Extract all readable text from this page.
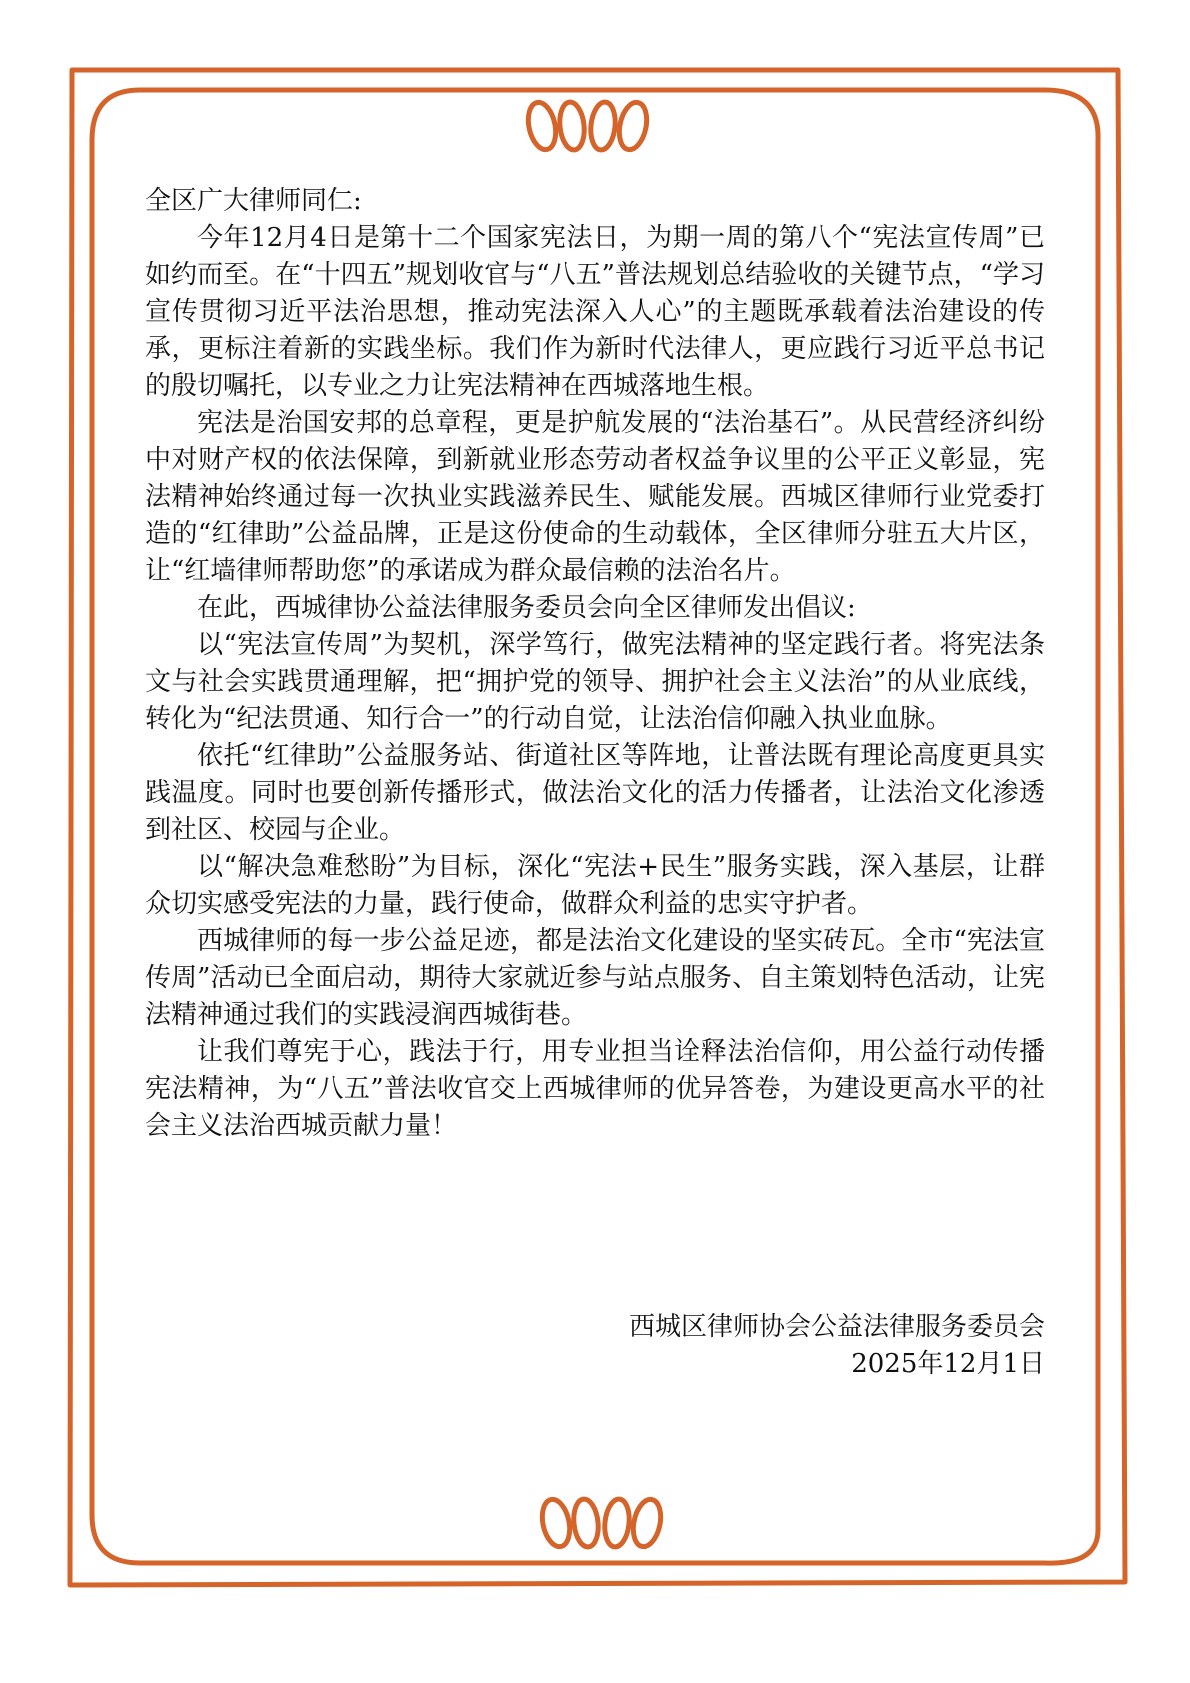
全区广大律师同仁:

今年12月4日是第十二个国家宪法日，为期一周的第八个“宪法宣传周”已如约而至。在“十四五”规划收官与“八五”普法规划总结验收的关键节点，“学习宣传贯彻习近平法治思想，推动宪法深入人心”的主题既承载着法治建设的传承，更标注着新的实践坐标。我们作为新时代法律人，更应践行习近平总书记的殷切嘱托，以专业之力让宪法精神在西城落地生根。

宪法是治国安邦的总章程，更是护航发展的“法治基石”。从民营经济纠纷中对财产权的依法保障，到新就业形态劳动者权益争议里的公平正义彰显，宪法精神始终通过每一次执业实践滋养民生、赋能发展。西城区律师行业党委打造的“红律助”公益品牌，正是这份使命的生动载体，全区律师分驻五大片区，让“红墙律师帮助您”的承诺成为群众最信赖的法治名片。

在此，西城律协公益法律服务委员会向全区律师发出倡议:

以“宪法宣传周”为契机，深学笃行，做宪法精神的坚定践行者。将宪法条文与社会实践贯通理解，把“拥护党的领导、拥护社会主义法治”的从业底线，转化为“纪法贯通、知行合一”的行动自觉，让法治信仰融入执业血脉。

依托“红律助”公益服务站、街道社区等阵地，让普法既有理论高度更具实践温度。同时也要创新传播形式，做法治文化的活力传播者，让法治文化渗透到社区、校园与企业。

以“解决急难愁盼”为目标，深化“宪法+民生”服务实践，深入基层，让群众切实感受宪法的力量，践行使命，做群众利益的忠实守护者。

西城律师的每一步公益足迹，都是法治文化建设的坚实砖瓦。全市“宪法宣传周”活动已全面启动，期待大家就近参与站点服务、自主策划特色活动，让宪法精神通过我们的实践浸润西城街巷。

让我们尊宪于心，践法于行，用专业担当诠释法治信仰，用公益行动传播宪法精神，为“八五”普法收官交上西城律师的优异答卷，为建设更高水平的社会主义法治西城贡献力量！

西城区律师协会公益法律服务委员会
2025年12月1日
